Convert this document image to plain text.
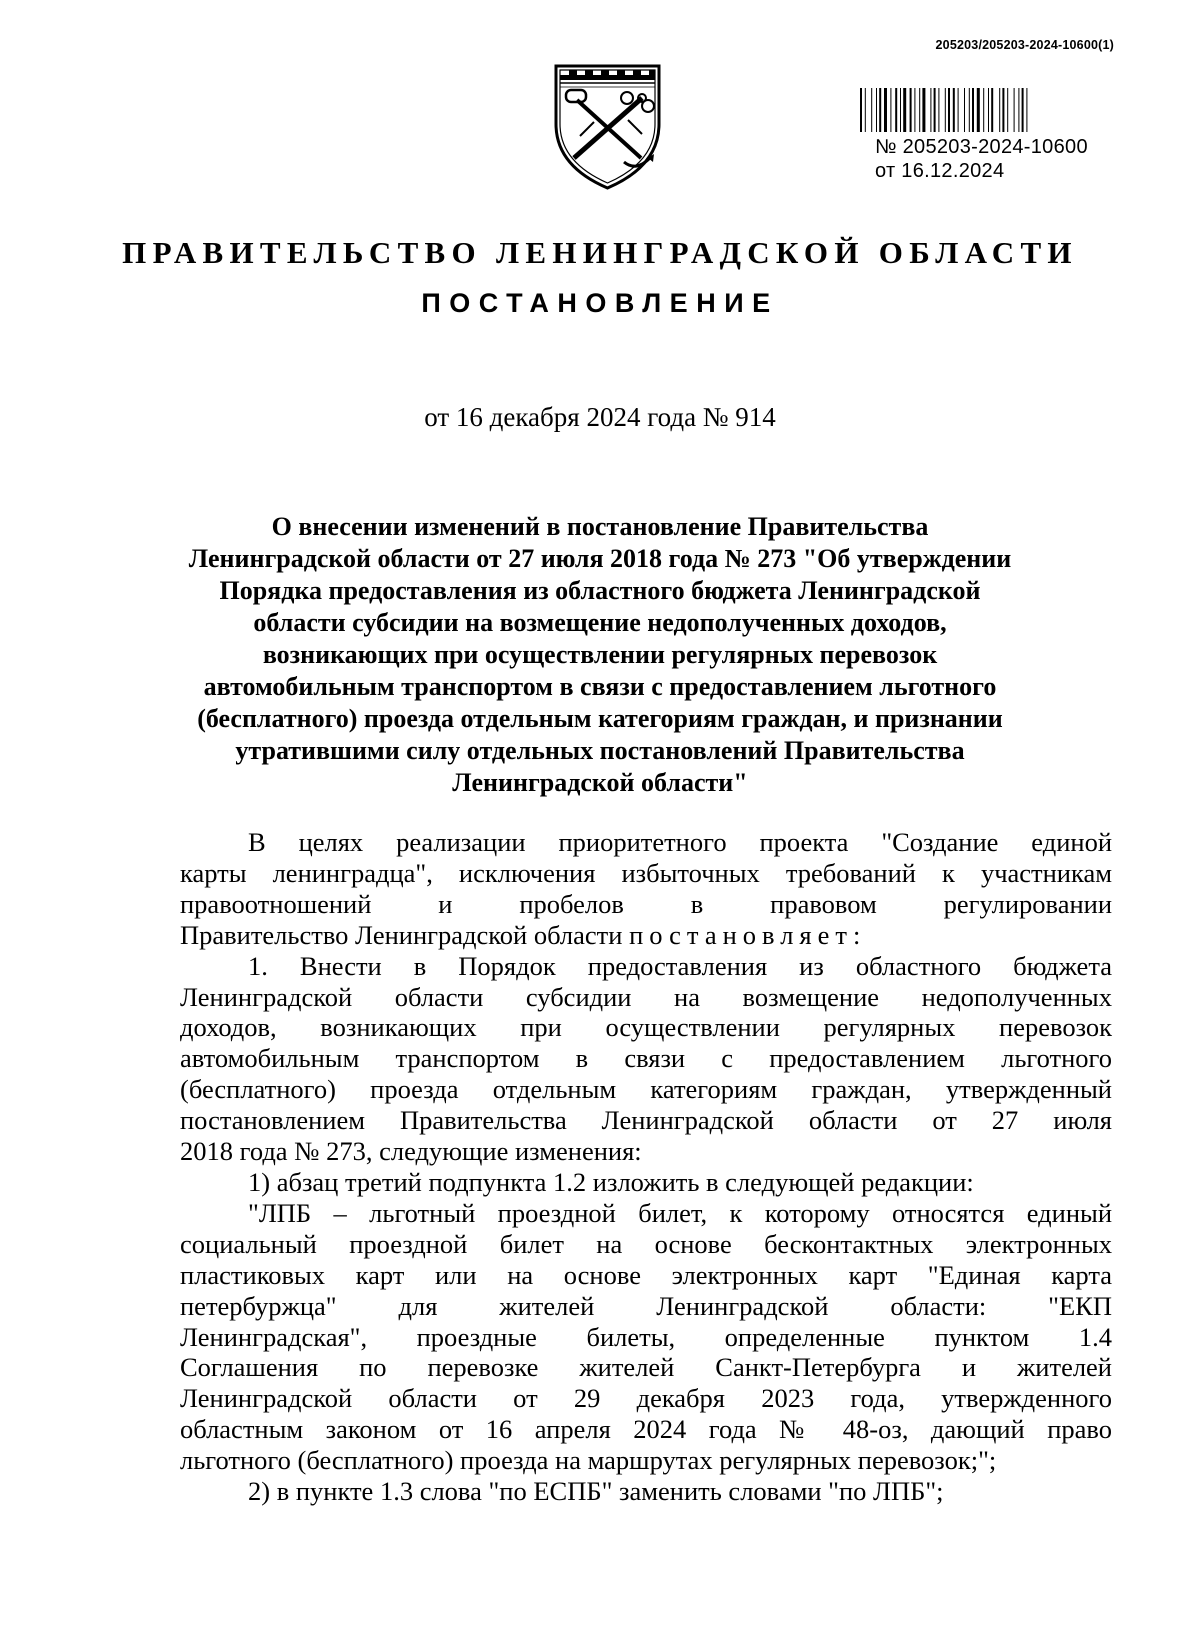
205203/205203-2024-10600(1)
№ 205203-2024-10600
от 16.12.2024
ПРАВИТЕЛЬСТВО ЛЕНИНГРАДСКОЙ ОБЛАСТИ
ПОСТАНОВЛЕНИЕ
от 16 декабря 2024 года № 914
О внесении изменений в постановление Правительства
Ленинградской области от 27 июля 2018 года № 273 "Об утверждении
Порядка предоставления из областного бюджета Ленинградской
области субсидии на возмещение недополученных доходов,
возникающих при осуществлении регулярных перевозок
автомобильным транспортом в связи с предоставлением льготного
(бесплатного) проезда отдельным категориям граждан, и признании
утратившими силу отдельных постановлений Правительства
Ленинградской области"
В целях реализации приоритетного проекта "Создание единой
карты ленинградца", исключения избыточных требований к участникам
правоотношений и пробелов в правовом регулировании
Правительство Ленинградской области постановляет:
1. Внести в Порядок предоставления из областного бюджета
Ленинградской области субсидии на возмещение недополученных
доходов, возникающих при осуществлении регулярных перевозок
автомобильным транспортом в связи с предоставлением льготного
(бесплатного) проезда отдельным категориям граждан, утвержденный
постановлением Правительства Ленинградской области от 27 июля
2018 года № 273, следующие изменения:
1) абзац третий подпункта 1.2 изложить в следующей редакции:
"ЛПБ – льготный проездной билет, к которому относятся единый
социальный проездной билет на основе бесконтактных электронных
пластиковых карт или на основе электронных карт "Единая карта
петербуржца" для жителей Ленинградской области: "ЕКП
Ленинградская", проездные билеты, определенные пунктом 1.4
Соглашения по перевозке жителей Санкт-Петербурга и жителей
Ленинградской области от 29 декабря 2023 года, утвержденного
областным законом от 16 апреля 2024 года № 48-оз, дающий право
льготного (бесплатного) проезда на маршрутах регулярных перевозок;";
2) в пункте 1.3 слова "по ЕСПБ" заменить словами "по ЛПБ";
